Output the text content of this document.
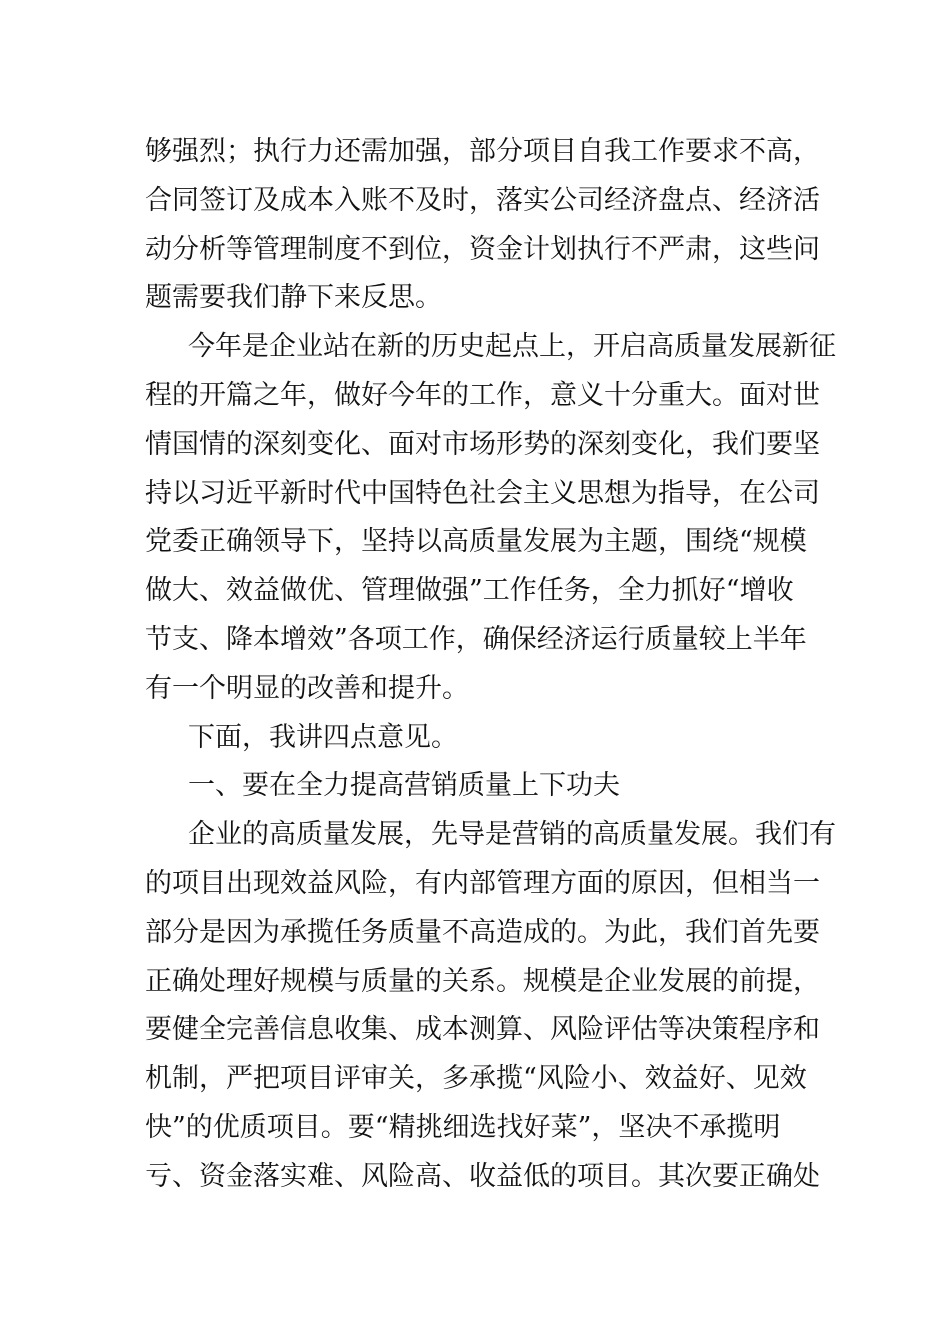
够强烈；执行力还需加强，部分项目自我工作要求不高，
合同签订及成本入账不及时，落实公司经济盘点、经济活
动分析等管理制度不到位，资金计划执行不严肃，这些问
题需要我们静下来反思。
今年是企业站在新的历史起点上，开启高质量发展新征
程的开篇之年，做好今年的工作，意义十分重大。面对世
情国情的深刻变化、面对市场形势的深刻变化，我们要坚
持以习近平新时代中国特色社会主义思想为指导，在公司
党委正确领导下，坚持以高质量发展为主题，围绕“规模
做大、效益做优、管理做强”工作任务，全力抓好“增收
节支、降本增效”各项工作，确保经济运行质量较上半年
有一个明显的改善和提升。
下面，我讲四点意见。
一、要在全力提高营销质量上下功夫
企业的高质量发展，先导是营销的高质量发展。我们有
的项目出现效益风险，有内部管理方面的原因，但相当一
部分是因为承揽任务质量不高造成的。为此，我们首先要
正确处理好规模与质量的关系。规模是企业发展的前提，
要健全完善信息收集、成本测算、风险评估等决策程序和
机制，严把项目评审关，多承揽“风险小、效益好、见效
快”的优质项目。要“精挑细选找好菜”，坚决不承揽明
亏、资金落实难、风险高、收益低的项目。其次要正确处
